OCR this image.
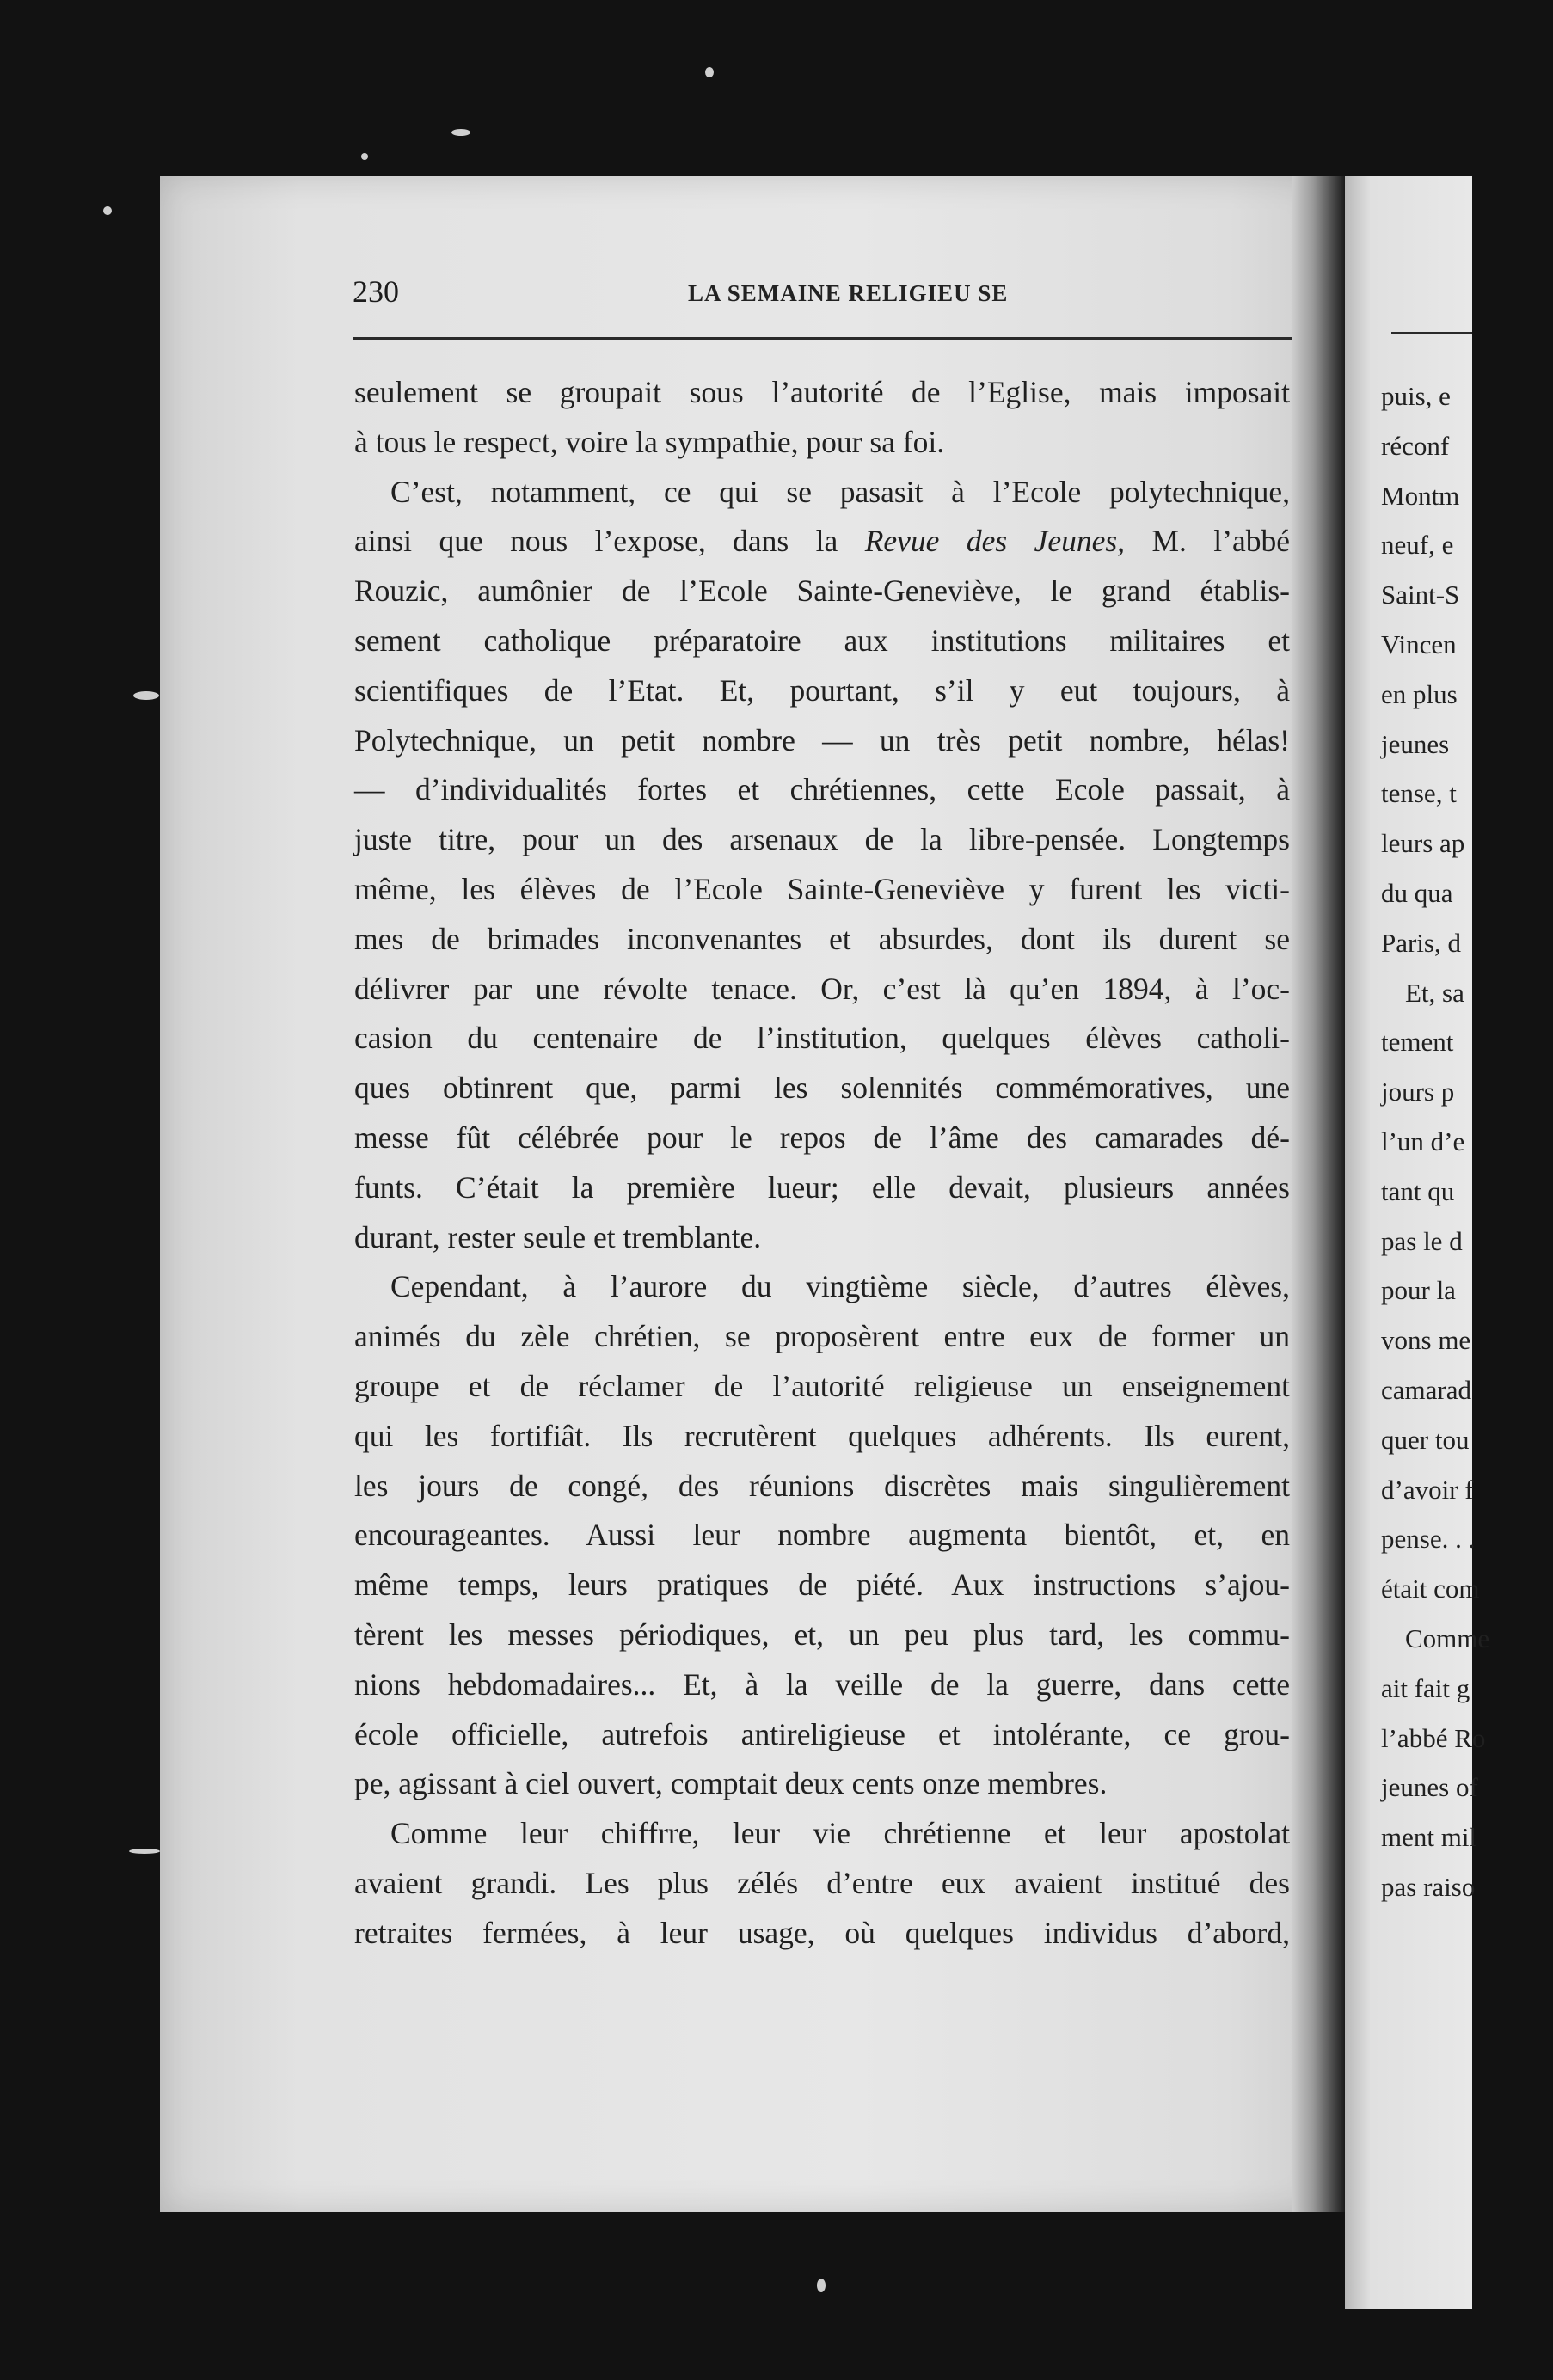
230	LA SEMAINE RELIGIEU SE
seulement se groupait sous l’autorité de l’Eglise, mais imposait
à tous le respect, voire la sympathie, pour sa foi.
C’est, notamment, ce qui se pasasit à l’Ecole polytechnique,
ainsi que nous l’expose, dans la Revue des Jeunes, M. l’abbé
Rouzic, aumônier de l’Ecole Sainte-Geneviève, le grand établis-
sement catholique préparatoire aux institutions militaires et
scientifiques de l’Etat. Et, pourtant, s’il y eut toujours, à
Polytechnique, un petit nombre — un très petit nombre, hélas!
— d’individualités fortes et chrétiennes, cette Ecole passait, à
juste titre, pour un des arsenaux de la libre-pensée. Longtemps
même, les élèves de l’Ecole Sainte-Geneviève y furent les victi-
mes de brimades inconvenantes et absurdes, dont ils durent se
délivrer par une révolte tenace. Or, c’est là qu’en 1894, à l’oc-
casion du centenaire de l’institution, quelques élèves catholi-
ques obtinrent que, parmi les solennités commémoratives, une
messe fût célébrée pour le repos de l’âme des camarades dé-
funts. C’était la première lueur; elle devait, plusieurs années
durant, rester seule et tremblante.
Cependant, à l’aurore du vingtième siècle, d’autres élèves,
animés du zèle chrétien, se proposèrent entre eux de former un
groupe et de réclamer de l’autorité religieuse un enseignement
qui les fortifiât. Ils recrutèrent quelques adhérents. Ils eurent,
les jours de congé, des réunions discrètes mais singulièrement
encourageantes. Aussi leur nombre augmenta bientôt, et, en
même temps, leurs pratiques de piété. Aux instructions s’ajou-
tèrent les messes périodiques, et, un peu plus tard, les commu-
nions hebdomadaires... Et, à la veille de la guerre, dans cette
école officielle, autrefois antireligieuse et intolérante, ce grou-
pe, agissant à ciel ouvert, comptait deux cents onze membres.
Comme leur chiffrre, leur vie chrétienne et leur apostolat
avaient grandi. Les plus zélés d’entre eux avaient institué des
retraites fermées, à leur usage, où quelques individus d’abord,
puis, e
réconf
Montm
neuf, e
Saint-S
Vincen
en plus
jeunes
tense, t
leurs ap
du qua
Paris, d
Et, sa
tement
jours p
l’un d’e
tant qu
pas le d
pour la
vons me
camarad
quer tou
d’avoir f
pense. . .
était com
Comme
ait fait g
l’abbé Ro
jeunes of
ment mil
pas raiso
